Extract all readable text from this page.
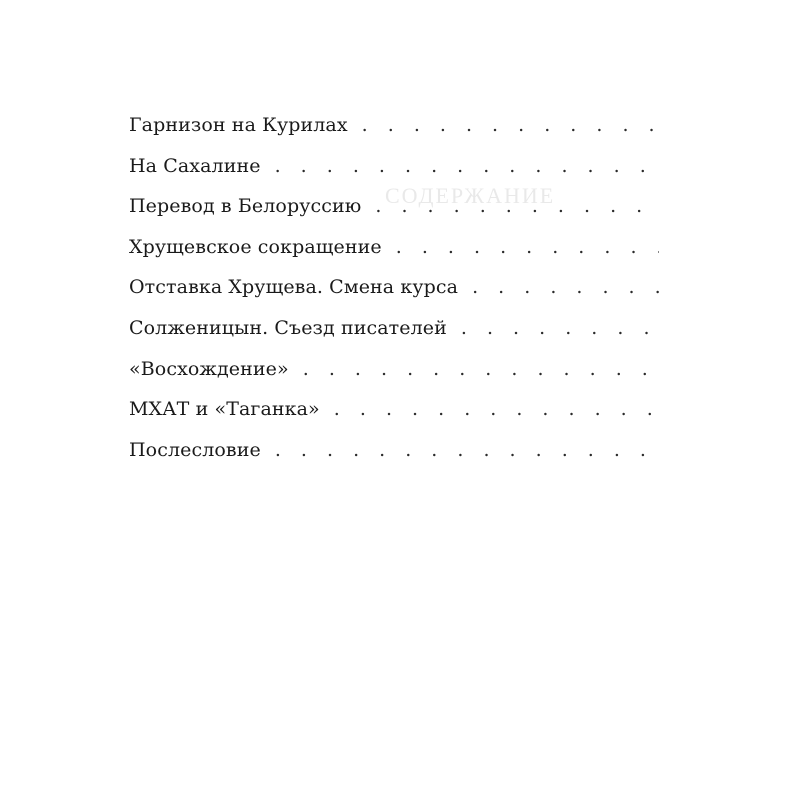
СОДЕРЖАНИЕ
Гарнизон на Курилах
. . .
На Сахалине
. . .
Перевод в Белоруссию
. . .
Хрущевское сокращение
. . .
Отставка Хрущева. Смена курса
. . .
Солженицын. Съезд писателей
. . .
«Восхождение»
. . .
МХАТ и «Таганка»
. . .
Послесловие
. . .
